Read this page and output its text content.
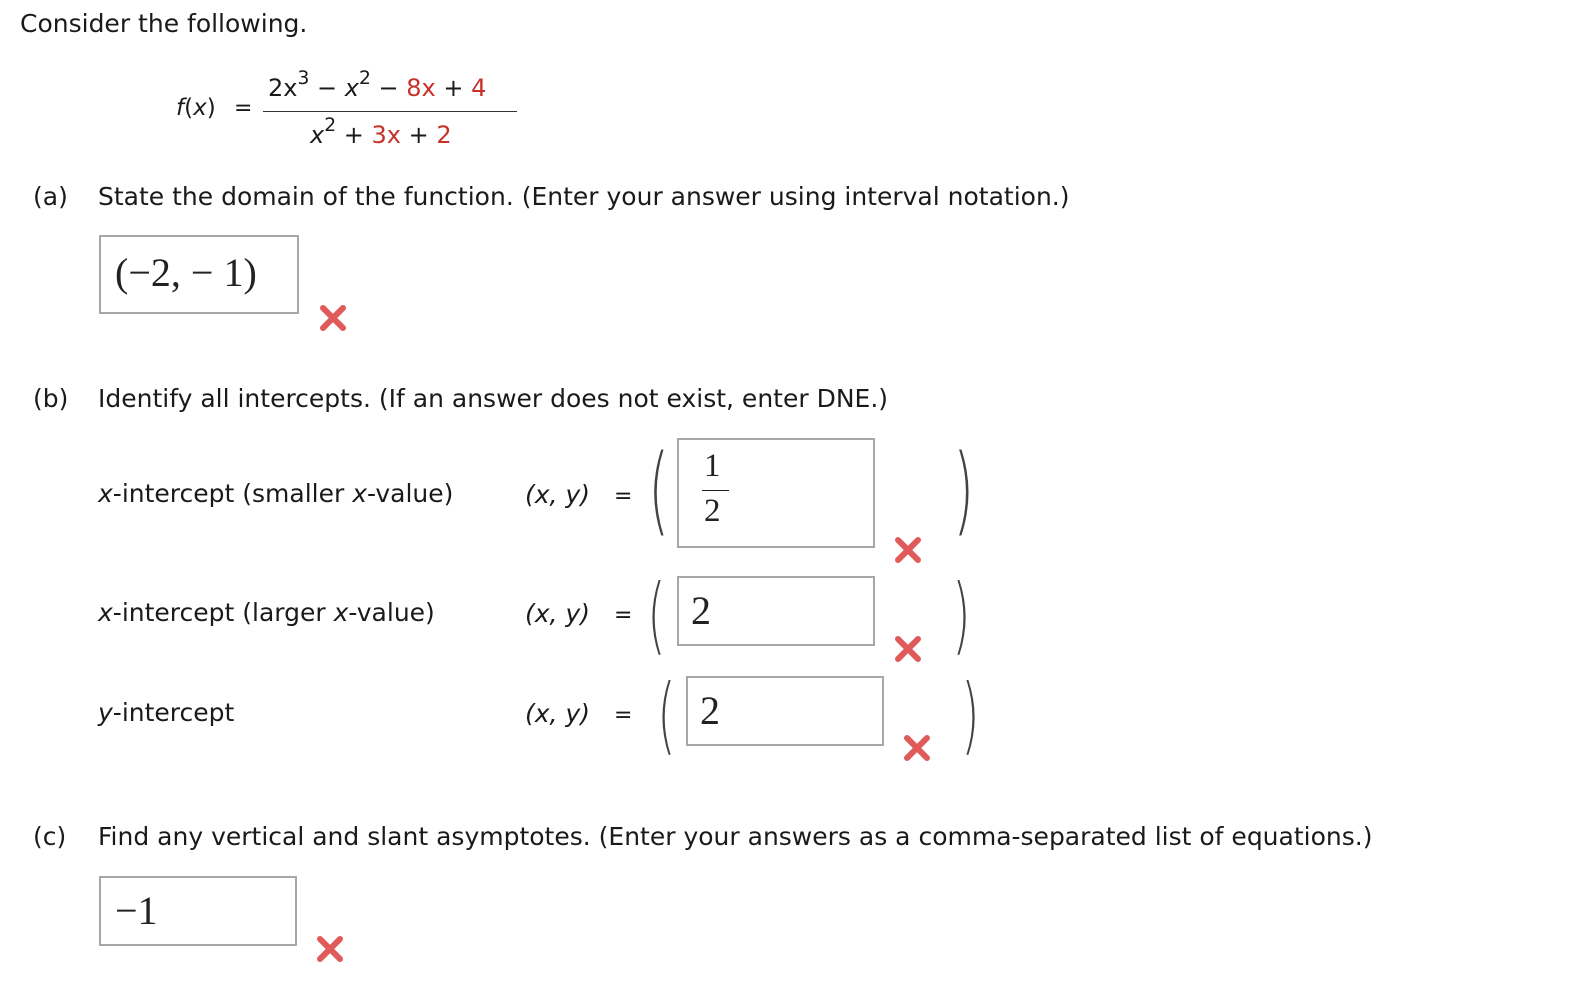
Consider the following.
f(x) =
$2x^3 - x^2 - 8x + 4$
$x^2 + 3x + 2$
(a) State the domain of the function. (Enter your answer using interval notation.)
(−2, − 1)
(b) Identify all intercepts. (If an answer does not exist, enter DNE.)
x-intercept (smaller x-value)	(x, y) = ( 1
2 )
x-intercept (larger x-value)	(x, y) = ( 2	)
y-intercept	(x, y) = ( 2	)
(c) Find any vertical and slant asymptotes. (Enter your answers as a comma-separated list of equations.)
−1
